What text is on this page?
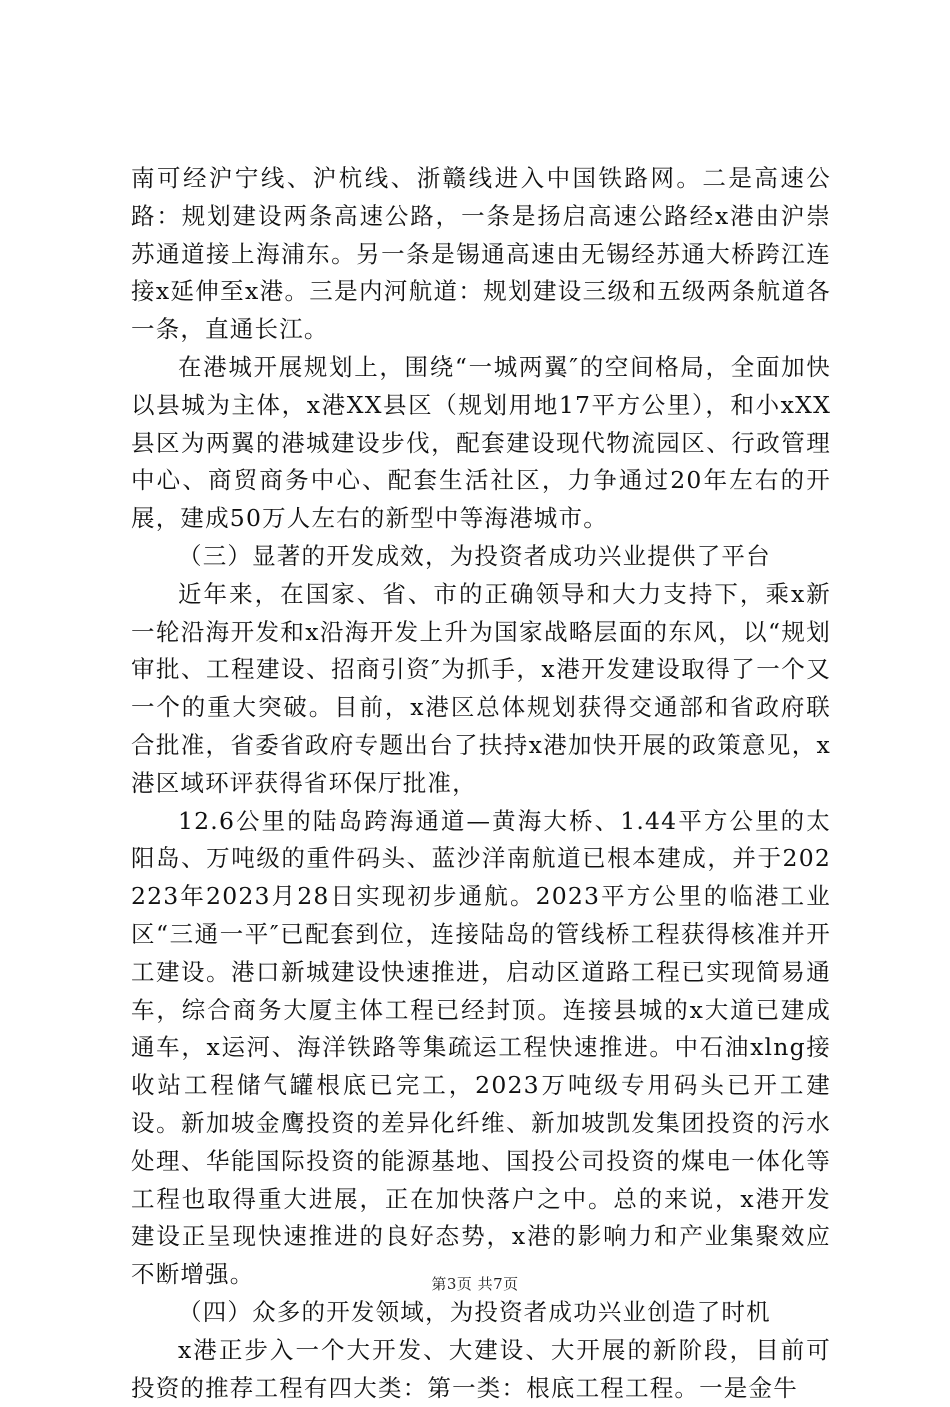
南可经沪宁线、沪杭线、浙赣线进入中国铁路网。二是高速公路：规划建设两条高速公路，一条是扬启高速公路经x港由沪崇苏通道接上海浦东。另一条是锡通高速由无锡经苏通大桥跨江连接x延伸至x港。三是内河航道：规划建设三级和五级两条航道各一条，直通长江。

在港城开展规划上，围绕“一城两翼″的空间格局，全面加快以县城为主体，x港XX县区（规划用地17平方公里），和小xXX县区为两翼的港城建设步伐，配套建设现代物流园区、行政管理中心、商贸商务中心、配套生活社区，力争通过20年左右的开展，建成50万人左右的新型中等海港城市。

（三）显著的开发成效，为投资者成功兴业提供了平台

近年来，在国家、省、市的正确领导和大力支持下，乘x新一轮沿海开发和x沿海开发上升为国家战略层面的东风，以“规划审批、工程建设、招商引资″为抓手，x港开发建设取得了一个又一个的重大突破。目前，x港区总体规划获得交通部和省政府联合批准，省委省政府专题出台了扶持x港加快开展的政策意见，x港区域环评获得省环保厅批准，

12.6公里的陆岛跨海通道—黄海大桥、1.44平方公里的太阳岛、万吨级的重件码头、蓝沙洋南航道已根本建成，并于202223年2023月28日实现初步通航。2023平方公里的临港工业区“三通一平″已配套到位，连接陆岛的管线桥工程获得核准并开工建设。港口新城建设快速推进，启动区道路工程已实现简易通车，综合商务大厦主体工程已经封顶。连接县城的x大道已建成通车，x运河、海洋铁路等集疏运工程快速推进。中石油xlng接收站工程储气罐根底已完工，2023万吨级专用码头已开工建设。新加坡金鹰投资的差异化纤维、新加坡凯发集团投资的污水处理、华能国际投资的能源基地、国投公司投资的煤电一体化等工程也取得重大进展，正在加快落户之中。总的来说，x港开发建设正呈现快速推进的良好态势，x港的影响力和产业集聚效应不断增强。

（四）众多的开发领域，为投资者成功兴业创造了时机

x港正步入一个大开发、大建设、大开展的新阶段，目前可投资的推荐工程有四大类：第一类：根底工程工程。一是金牛

第3页 共7页
